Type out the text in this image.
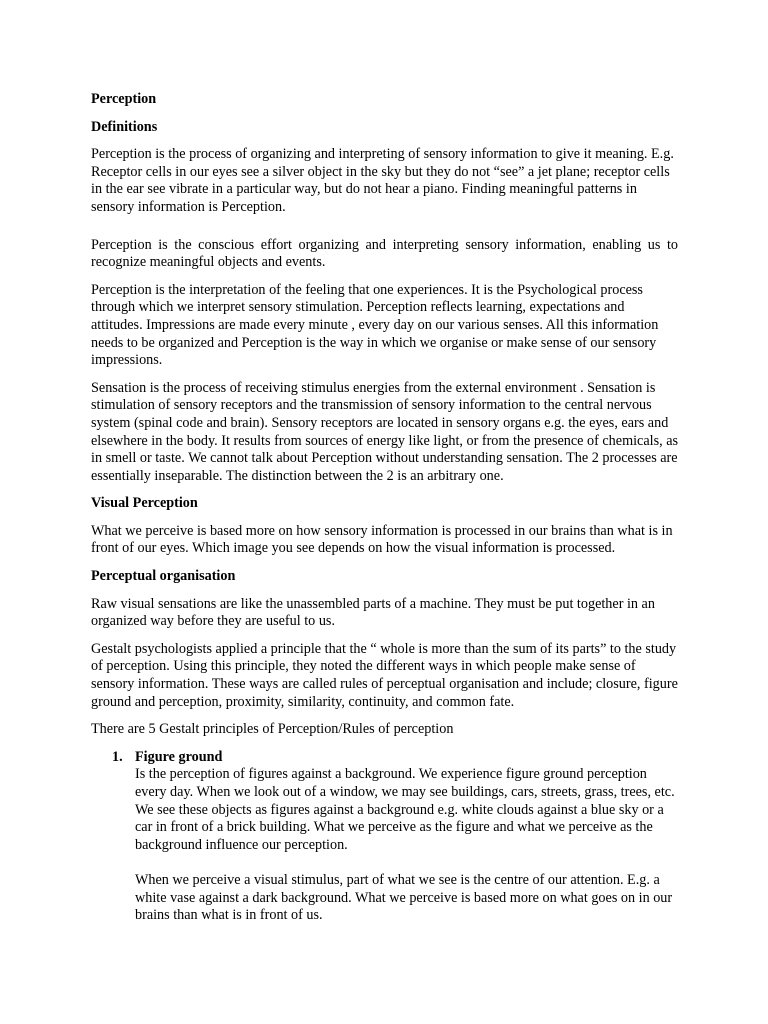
Perception

Definitions

Perception is the process of organizing and interpreting of sensory information to give it meaning. E.g. Receptor cells in our eyes see a silver object in the sky but they do not “see” a jet plane; receptor cells in the ear see vibrate in a particular way, but do not hear a piano. Finding meaningful patterns in sensory information is Perception.

Perception is the conscious effort organizing and interpreting sensory information, enabling us to recognize meaningful objects and events.

Perception is the interpretation of the feeling that one experiences. It is the Psychological process through which we interpret sensory stimulation. Perception reflects learning, expectations and attitudes. Impressions are made every minute , every day on our various senses. All this information needs to be organized and Perception is the way in which we organise or make sense of our sensory impressions.

Sensation is the process of receiving stimulus energies from the external environment . Sensation is stimulation of sensory receptors and the transmission of sensory information to the central nervous system (spinal code and brain). Sensory receptors are located in sensory organs e.g. the eyes, ears and elsewhere in the body. It results from sources of energy like light, or from the presence of chemicals, as in smell or taste. We cannot talk about Perception without understanding sensation. The 2 processes are essentially inseparable. The distinction between the 2 is an arbitrary one.

Visual Perception

What we perceive is based more on how sensory information is processed in our brains than what is in front of our eyes. Which image you see depends on how the visual information is processed.

Perceptual organisation

Raw visual sensations are like the unassembled parts of a machine. They must be put together in an organized way before they are useful to us.

Gestalt psychologists applied a principle that the “ whole is more than the sum of its parts” to the study of perception. Using this principle, they noted the different ways in which people make sense of sensory information. These ways are called rules of perceptual organisation and include; closure, figure ground and perception, proximity, similarity, continuity, and common fate.

There are 5 Gestalt principles of Perception/Rules of perception

1. Figure ground
Is the perception of figures against a background. We experience figure ground perception every day. When we look out of a window, we may see buildings, cars, streets, grass, trees, etc. We see these objects as figures against a background e.g. white clouds against a blue sky or a car in front of a brick building. What we perceive as the figure and what we perceive as the background influence our perception.
When we perceive a visual stimulus, part of what we see is the centre of our attention. E.g. a white vase against a dark background. What we perceive is based more on what goes on in our brains than what is in front of us.
